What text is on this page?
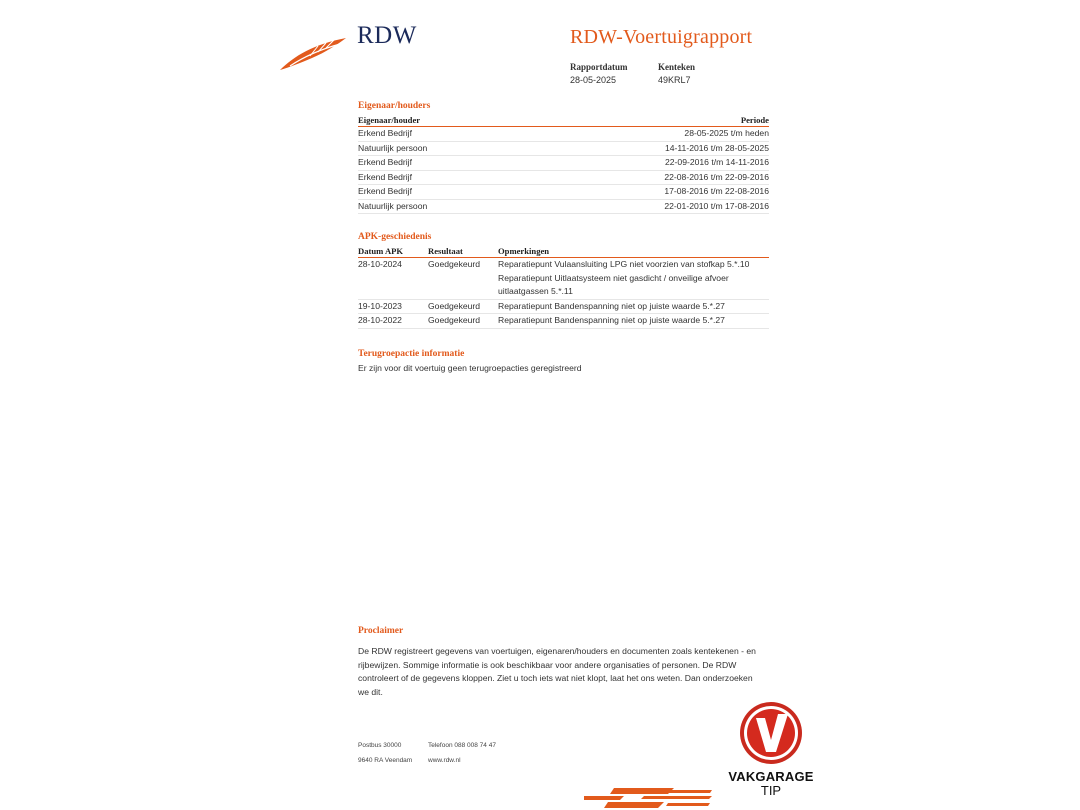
RDW	RDW-Voertuigrapport
Rapportdatum
28-05-2025
Kenteken
49KRL7
Eigenaar/houders
Eigenaar/houder	Periode
Erkend Bedrijf	28-05-2025 t/m heden
Natuurlijk persoon	14-11-2016 t/m 28-05-2025
Erkend Bedrijf	22-09-2016 t/m 14-11-2016
Erkend Bedrijf	22-08-2016 t/m 22-09-2016
Erkend Bedrijf	17-08-2016 t/m 22-08-2016
Natuurlijk persoon	22-01-2010 t/m 17-08-2016
APK-geschiedenis
Datum APK	Resultaat	Opmerkingen
28-10-2024	Goedgekeurd	Reparatiepunt Vulaansluiting LPG niet voorzien van stofkap 5.*.10
Reparatiepunt Uitlaatsysteem niet gasdicht / onveilige afvoer
uitlaatgassen 5.*.11
19-10-2023	Goedgekeurd	Reparatiepunt Bandenspanning niet op juiste waarde 5.*.27
28-10-2022	Goedgekeurd	Reparatiepunt Bandenspanning niet op juiste waarde 5.*.27
Terugroepactie informatie
Er zijn voor dit voertuig geen terugroepacties geregistreerd
Proclaimer
De RDW registreert gegevens van voertuigen, eigenaren/houders en documenten zoals kentekenen - en
rijbewijzen. Sommige informatie is ook beschikbaar voor andere organisaties of personen. De RDW
controleert of de gegevens kloppen. Ziet u toch iets wat niet klopt, laat het ons weten. Dan onderzoeken
we dit.
Postbus 30000
9640 RA Veendam
Telefoon 088 008 74 47
www.rdw.nl
VAKGARAGE
TIP
